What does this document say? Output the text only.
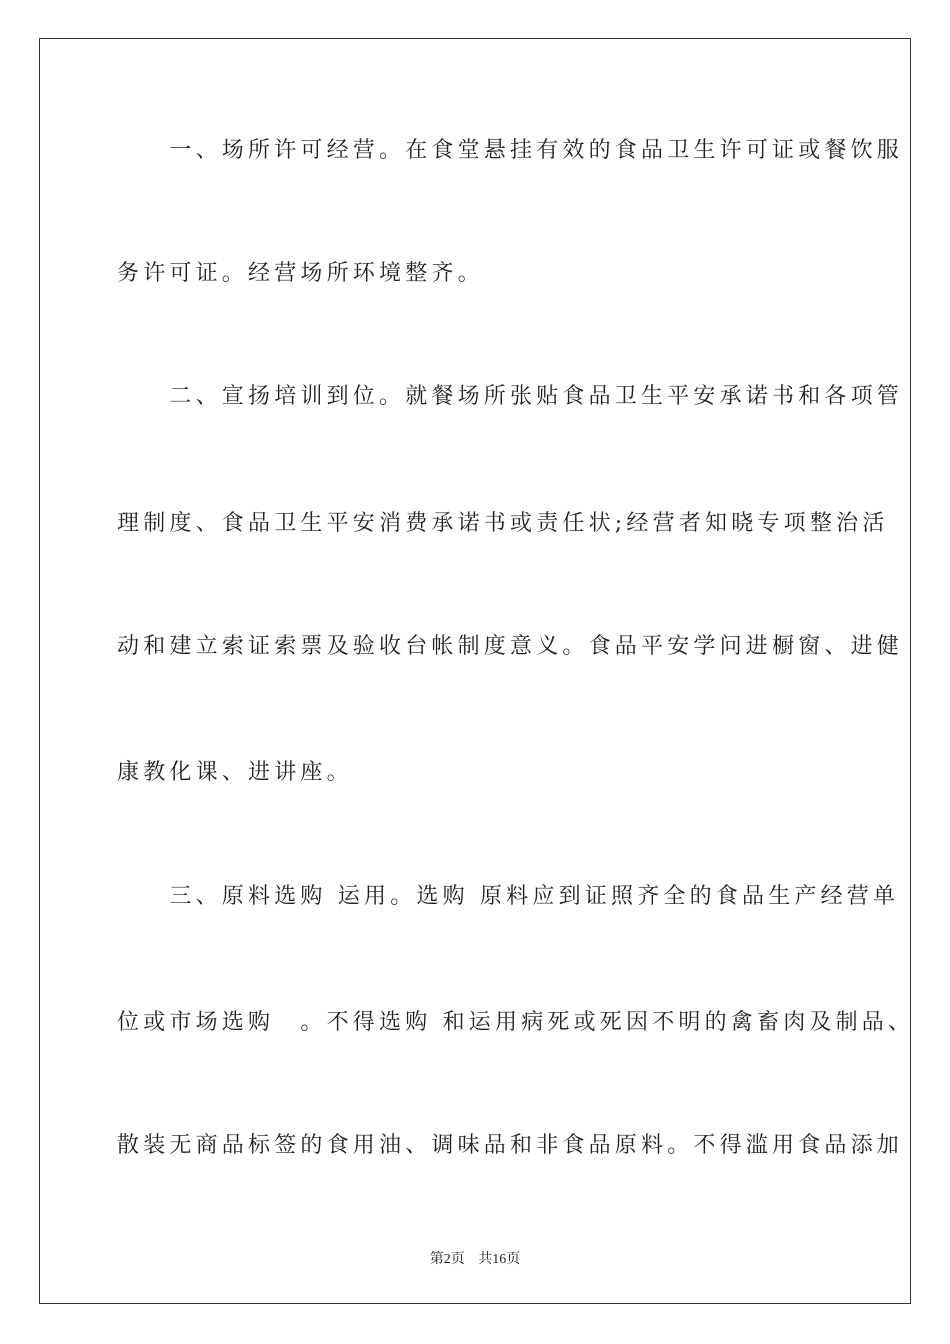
　　一、场所许可经营。在食堂悬挂有效的食品卫生许可证或餐饮服
务许可证。经营场所环境整齐。
　　二、宣扬培训到位。就餐场所张贴食品卫生平安承诺书和各项管
理制度、食品卫生平安消费承诺书或责任状;经营者知晓专项整治活
动和建立索证索票及验收台帐制度意义。食品平安学问进橱窗、进健
康教化课、进讲座。
　　三、原料选购 运用。选购 原料应到证照齐全的食品生产经营单
位或市场选购　。不得选购 和运用病死或死因不明的禽畜肉及制品、
散装无商品标签的食用油、调味品和非食品原料。不得滥用食品添加
第2页 共16页
